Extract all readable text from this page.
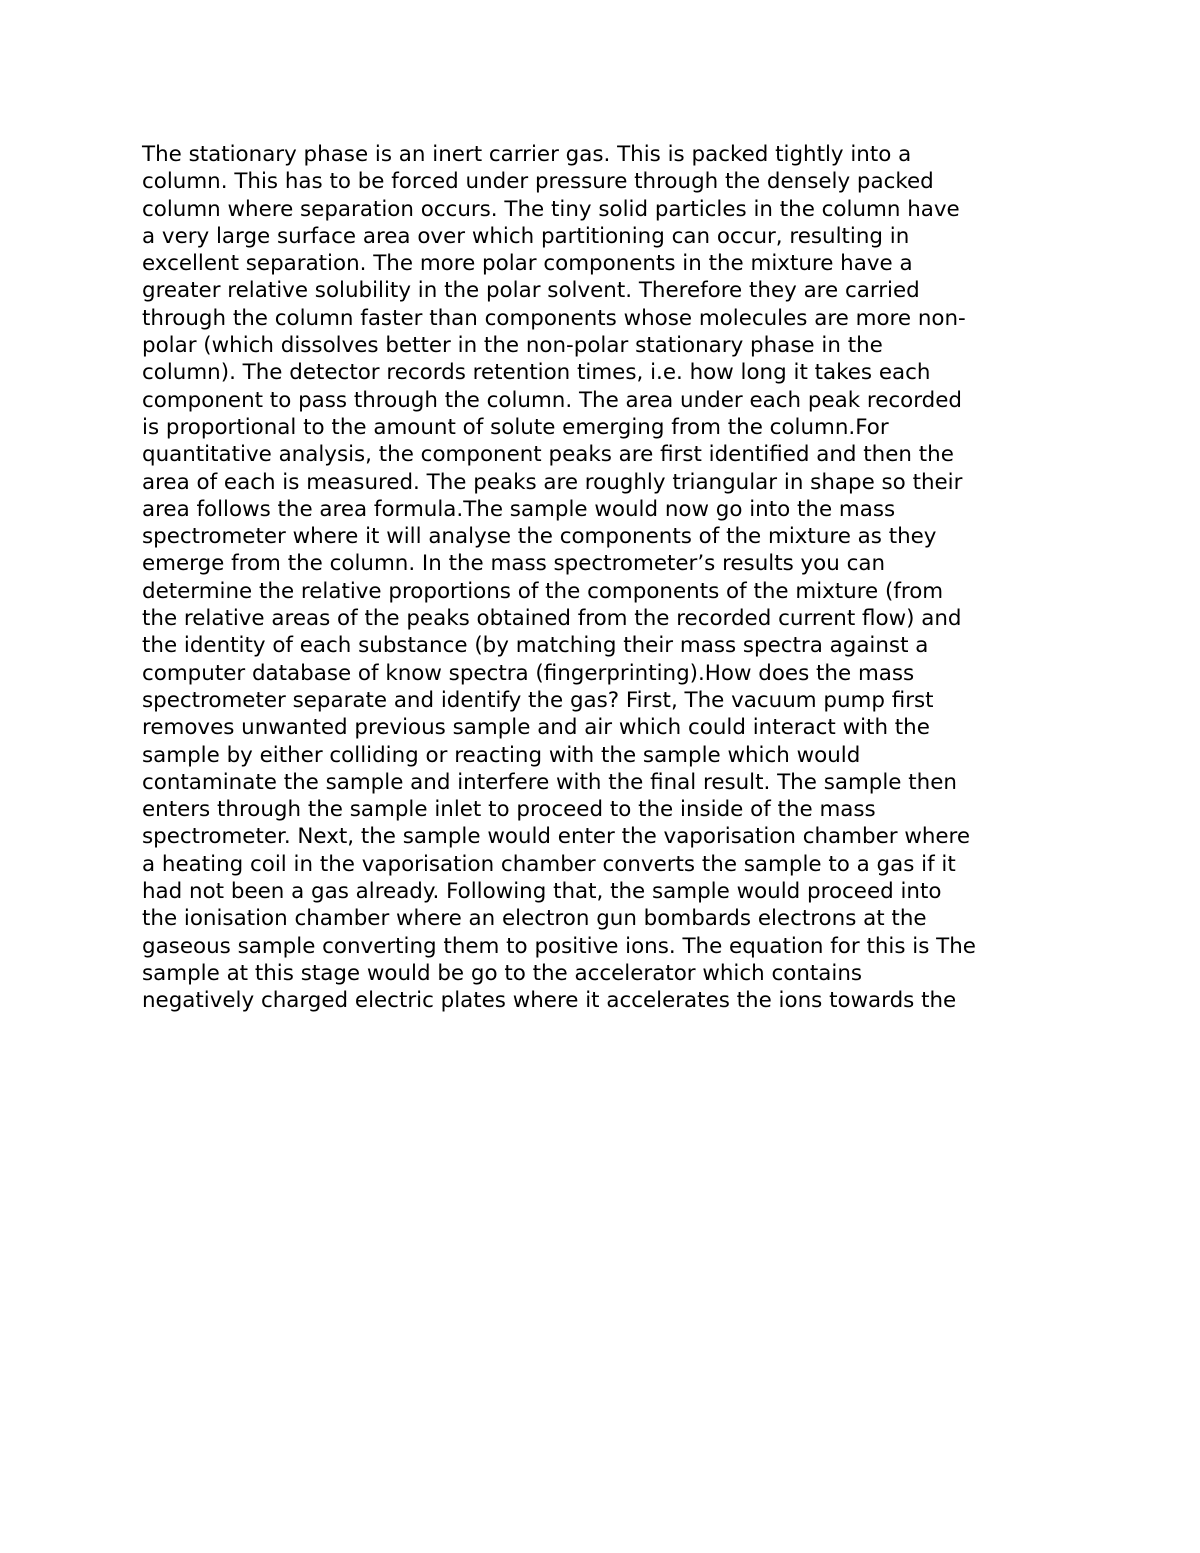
The stationary phase is an inert carrier gas. This is packed tightly into a
column. This has to be forced under pressure through the densely packed
column where separation occurs. The tiny solid particles in the column have
a very large surface area over which partitioning can occur, resulting in
excellent separation. The more polar components in the mixture have a
greater relative solubility in the polar solvent. Therefore they are carried
through the column faster than components whose molecules are more non-
polar (which dissolves better in the non-polar stationary phase in the
column). The detector records retention times, i.e. how long it takes each
component to pass through the column. The area under each peak recorded
is proportional to the amount of solute emerging from the column.For
quantitative analysis, the component peaks are first identified and then the
area of each is measured. The peaks are roughly triangular in shape so their
area follows the area formula.The sample would now go into the mass
spectrometer where it will analyse the components of the mixture as they
emerge from the column. In the mass spectrometer’s results you can
determine the relative proportions of the components of the mixture (from
the relative areas of the peaks obtained from the recorded current flow) and
the identity of each substance (by matching their mass spectra against a
computer database of know spectra (fingerprinting).How does the mass
spectrometer separate and identify the gas? First, The vacuum pump first
removes unwanted previous sample and air which could interact with the
sample by either colliding or reacting with the sample which would
contaminate the sample and interfere with the final result. The sample then
enters through the sample inlet to proceed to the inside of the mass
spectrometer. Next, the sample would enter the vaporisation chamber where
a heating coil in the vaporisation chamber converts the sample to a gas if it
had not been a gas already. Following that, the sample would proceed into
the ionisation chamber where an electron gun bombards electrons at the
gaseous sample converting them to positive ions. The equation for this is The
sample at this stage would be go to the accelerator which contains
negatively charged electric plates where it accelerates the ions towards the
